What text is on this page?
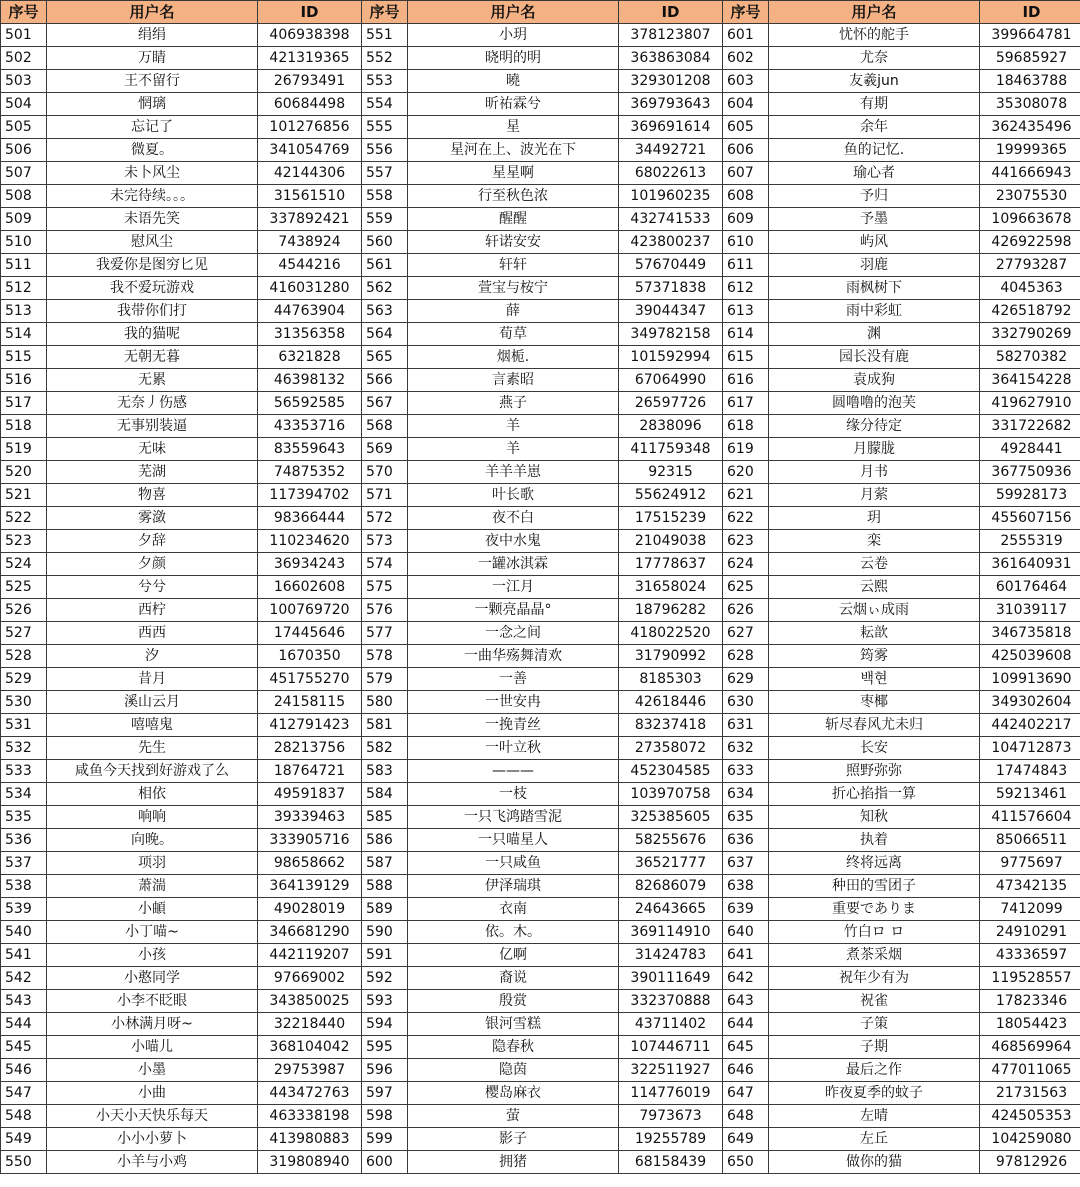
序号	用户名	ID	序号	用户名	ID	序号	用户名	ID
501	绢绢	406938398	551	小玥	378123807	601	忧怀的舵手	399664781
502	万睛	421319365	552	晓明的明	363863084	602	尤奈	59685927
503	王不留行	26793491	553	曉	329301208	603	友羲jun	18463788
504	惘璃	60684498	554	昕祐霖兮	369793643	604	有期	35308078
505	忘记了	101276856	555	星	369691614	605	余年	362435496
506	微夏。	341054769	556	星河在上、波光在下	34492721	606	鱼的记忆.	19999365
507	未卜风尘	42144306	557	星星啊	68022613	607	瑜心者	441666943
508	未完待续。。。	31561510	558	行至秋色浓	101960235	608	予归	23075530
509	未语先笑	337892421	559	醒醒	432741533	609	予墨	109663678
510	慰风尘	7438924	560	轩诺安安	423800237	610	屿风	426922598
511	我爱你是图穷匕见	4544216	561	轩轩	57670449	611	羽鹿	27793287
512	我不爱玩游戏	416031280	562	萱宝与桉宁	57371838	612	雨枫树下	4045363
513	我带你们打	44763904	563	薛	39044347	613	雨中彩虹	426518792
514	我的猫呢	31356358	564	荀草	349782158	614	渊	332790269
515	无朝无暮	6321828	565	烟栀.	101592994	615	园长没有鹿	58270382
516	无累	46398132	566	言素昭	67064990	616	袁成狗	364154228
517	无奈丿伤感	56592585	567	燕子	26597726	617	圆噜噜的泡芙	419627910
518	无事别装逼	43353716	568	羊	2838096	618	缘分待定	331722682
519	无味	83559643	569	羊	411759348	619	月朦胧	4928441
520	芜湖	74875352	570	羊羊羊崽	92315	620	月书	367750936
521	物喜	117394702	571	叶长歌	55624912	621	月萦	59928173
522	雾潋	98366444	572	夜不白	17515239	622	玥	455607156
523	夕辞	110234620	573	夜中水鬼	21049038	623	栾	2555319
524	夕颜	36934243	574	一罐冰淇霖	17778637	624	云卷	361640931
525	兮兮	16602608	575	一江月	31658024	625	云熙	60176464
526	西柠	100769720	576	一颗亮晶晶°	18796282	626	云烟ぃ成雨	31039117
527	西西	17445646	577	一念之间	418022520	627	耘歆	346735818
528	汐	1670350	578	一曲华殇舞清欢	31790992	628	筠雾	425039608
529	昔月	451755270	579	一善	8185303	629	백현	109913690
530	溪山云月	24158115	580	一世安冉	42618446	630	枣椰	349302604
531	嘻嘻鬼	412791423	581	一挽青丝	83237418	631	斩尽春风尤未归	442402217
532	先生	28213756	582	一叶立秋	27358072	632	长安	104712873
533	咸鱼今天找到好游戏了么	18764721	583	———	452304585	633	照野弥弥	17474843
534	相依	49591837	584	一枝	103970758	634	折心掐指一算	59213461
535	响响	39339463	585	一只飞鸿踏雪泥	325385605	635	知秋	411576604
536	向晚。	333905716	586	一只喵星人	58255676	636	执着	85066511
537	项羽	98658662	587	一只咸鱼	36521777	637	终将远离	9775697
538	萧湍	364139129	588	伊泽瑞琪	82686079	638	种田的雪团子	47342135
539	小頔	49028019	589	衣南	24643665	639	重要でありま	7412099
540	小丁喵~	346681290	590	依。木。	369114910	640	竹白ロ ロ	24910291
541	小孩	442119207	591	亿啊	31424783	641	煮茶采烟	43336597
542	小憨同学	97669002	592	裔说	390111649	642	祝年少有为	119528557
543	小李不眨眼	343850025	593	殷赏	332370888	643	祝雀	17823346
544	小林满月呀~	32218440	594	银河雪糕	43711402	644	子策	18054423
545	小喵儿	368104042	595	隐春秋	107446711	645	子期	468569964
546	小墨	29753987	596	隐茵	322511927	646	最后之作	477011065
547	小曲	443472763	597	樱岛麻衣	114776019	647	昨夜夏季的蚊子	21731563
548	小天小天快乐每天	463338198	598	萤	7973673	648	左晴	424505353
549	小小小萝卜	413980883	599	影子	19255789	649	左丘	104259080
550	小羊与小鸡	319808940	600	拥猪	68158439	650	做你的猫	97812926
